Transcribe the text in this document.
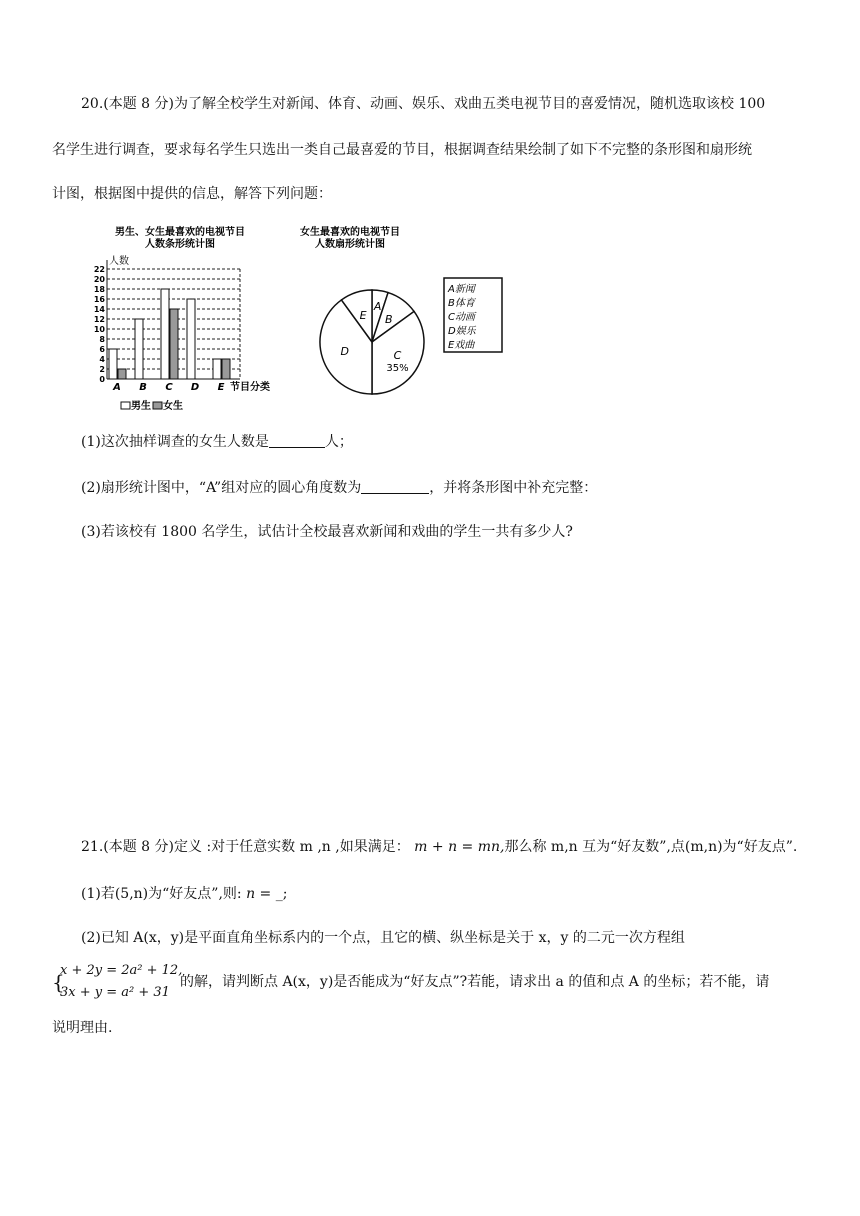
20.(本题 8 分)为了解全校学生对新闻、体育、动画、娱乐、戏曲五类电视节目的喜爱情况，随机选取该校 100
名学生进行调查，要求每名学生只选出一类自己最喜爱的节目，根据调查结果绘制了如下不完整的条形图和扇形统
计图，根据图中提供的信息，解答下列问题：
男生、女生最喜欢的电视节目
人数条形统计图
人数
0
2
4
6
8
10
12
14
16
18
20
22
A B C D E 节目分类
男生 女生
女生最喜欢的电视节目
人数扇形统计图
A
B
C
35%
D
E
A新闻
B体育
C动画
D娱乐
E戏曲
(1)这次抽样调查的女生人数是	人；
(2)扇形统计图中，“A”组对应的圆心角度数为	，并将条形图中补充完整：
(3)若该校有 1800 名学生，试估计全校最喜欢新闻和戏曲的学生一共有多少人?
21.(本题 8 分)定义 :对于任意实数 m ,n ,如果满足： m + n = mn,那么称 m,n 互为“好友数”,点(m,n)为“好友点”.
(1)若(5,n)为“好友点”,则: n = _;
(2)已知 A(x，y)是平面直角坐标系内的一个点，且它的横、纵坐标是关于 x，y 的二元一次方程组
{
x + 2y = 2a² + 12,
3x + y = a² + 31
的解，请判断点 A(x，y)是否能成为“好友点”?若能，请求出 a 的值和点 A 的坐标；若不能，请
说明理由.
